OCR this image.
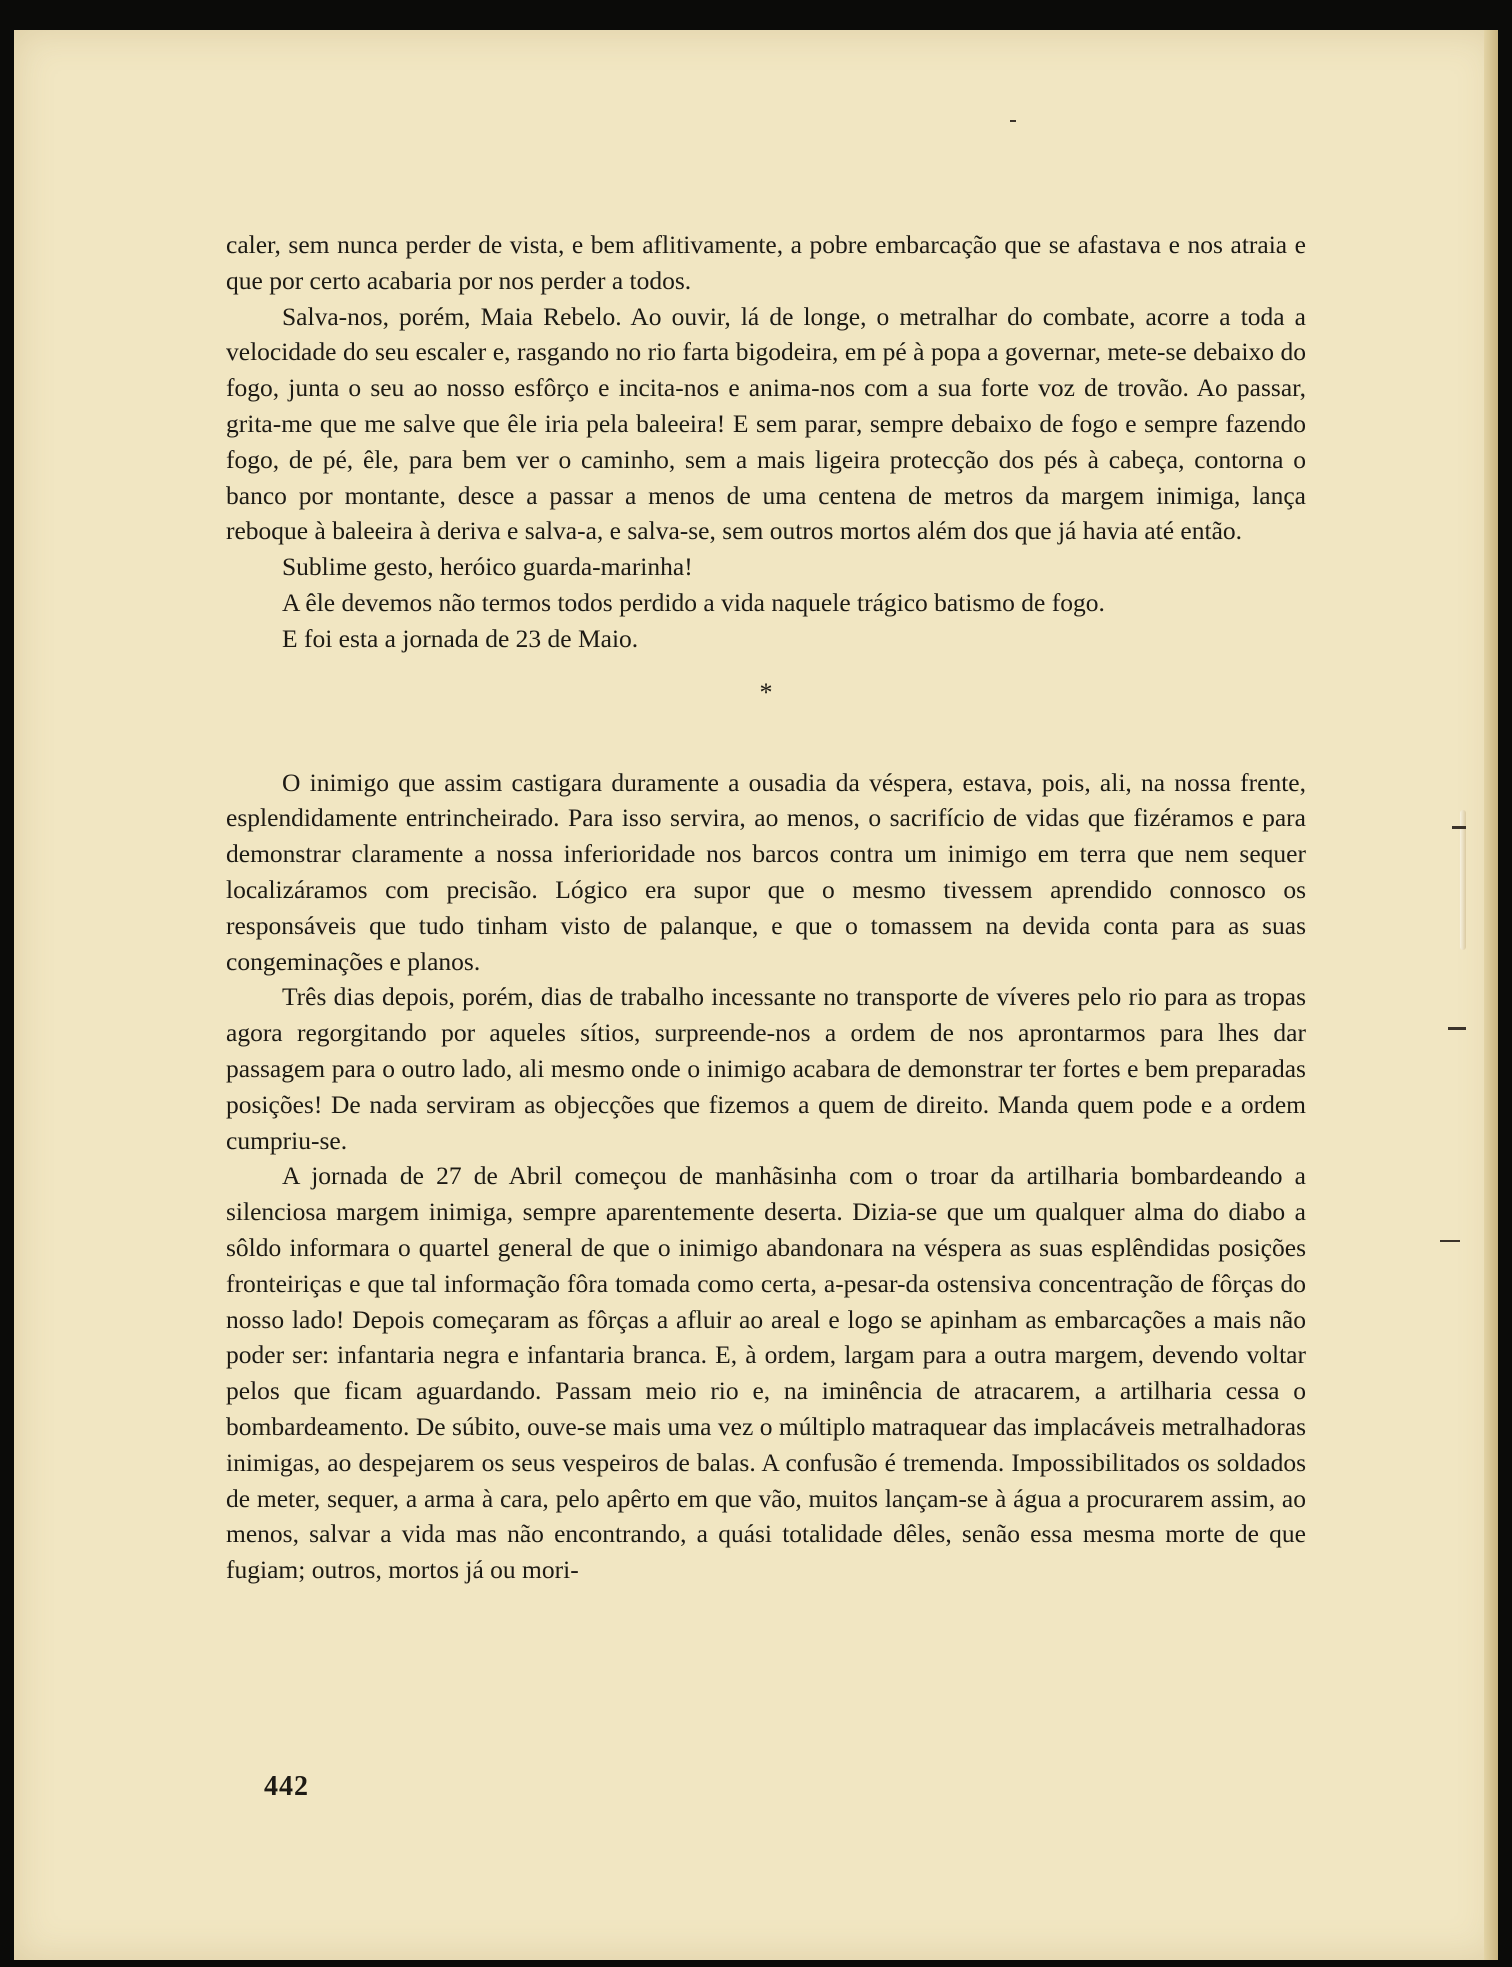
caler, sem nunca perder de vista, e bem aflitivamente, a pobre embarcação que se afastava e nos atraia e que por certo acabaria por nos perder a todos.

Salva-nos, porém, Maia Rebelo. Ao ouvir, lá de longe, o metralhar do combate, acorre a toda a velocidade do seu escaler e, rasgando no rio farta bigodeira, em pé à popa a governar, mete-se debaixo do fogo, junta o seu ao nosso esfôrço e incita-nos e anima-nos com a sua forte voz de trovão. Ao passar, grita-me que me salve que êle iria pela baleeira! E sem parar, sempre debaixo de fogo e sempre fazendo fogo, de pé, êle, para bem ver o caminho, sem a mais ligeira protecção dos pés à cabeça, contorna o banco por montante, desce a passar a menos de uma centena de metros da margem inimiga, lança reboque à baleeira à deriva e salva-a, e salva-se, sem outros mortos além dos que já havia até então.

Sublime gesto, heróico guarda-marinha!

A êle devemos não termos todos perdido a vida naquele trágico batismo de fogo.

E foi esta a jornada de 23 de Maio.

*

O inimigo que assim castigara duramente a ousadia da véspera, estava, pois, ali, na nossa frente, esplendidamente entrincheirado. Para isso servira, ao menos, o sacrifício de vidas que fizéramos e para demonstrar claramente a nossa inferioridade nos barcos contra um inimigo em terra que nem sequer localizáramos com precisão. Lógico era supor que o mesmo tivessem aprendido connosco os responsáveis que tudo tinham visto de palanque, e que o tomassem na devida conta para as suas congeminações e planos.

Três dias depois, porém, dias de trabalho incessante no transporte de víveres pelo rio para as tropas agora regorgitando por aqueles sítios, surpreende-nos a ordem de nos aprontarmos para lhes dar passagem para o outro lado, ali mesmo onde o inimigo acabara de demonstrar ter fortes e bem preparadas posições! De nada serviram as objecções que fizemos a quem de direito. Manda quem pode e a ordem cumpriu-se.

A jornada de 27 de Abril começou de manhãsinha com o troar da artilharia bombardeando a silenciosa margem inimiga, sempre aparentemente deserta. Dizia-se que um qualquer alma do diabo a sôldo informara o quartel general de que o inimigo abandonara na véspera as suas esplêndidas posições fronteiriças e que tal informação fôra tomada como certa, a-pesar-da ostensiva concentração de fôrças do nosso lado! Depois começaram as fôrças a afluir ao areal e logo se apinham as embarcações a mais não poder ser: infantaria negra e infantaria branca. E, à ordem, largam para a outra margem, devendo voltar pelos que ficam aguardando. Passam meio rio e, na iminência de atracarem, a artilharia cessa o bombardeamento. De súbito, ouve-se mais uma vez o múltiplo matraquear das implacáveis metralhadoras inimigas, ao despejarem os seus vespeiros de balas. A confusão é tremenda. Impossibilitados os soldados de meter, sequer, a arma à cara, pelo apêrto em que vão, muitos lançam-se à água a procurarem assim, ao menos, salvar a vida mas não encontrando, a quási totalidade dêles, senão essa mesma morte de que fugiam; outros, mortos já ou mori-

442
